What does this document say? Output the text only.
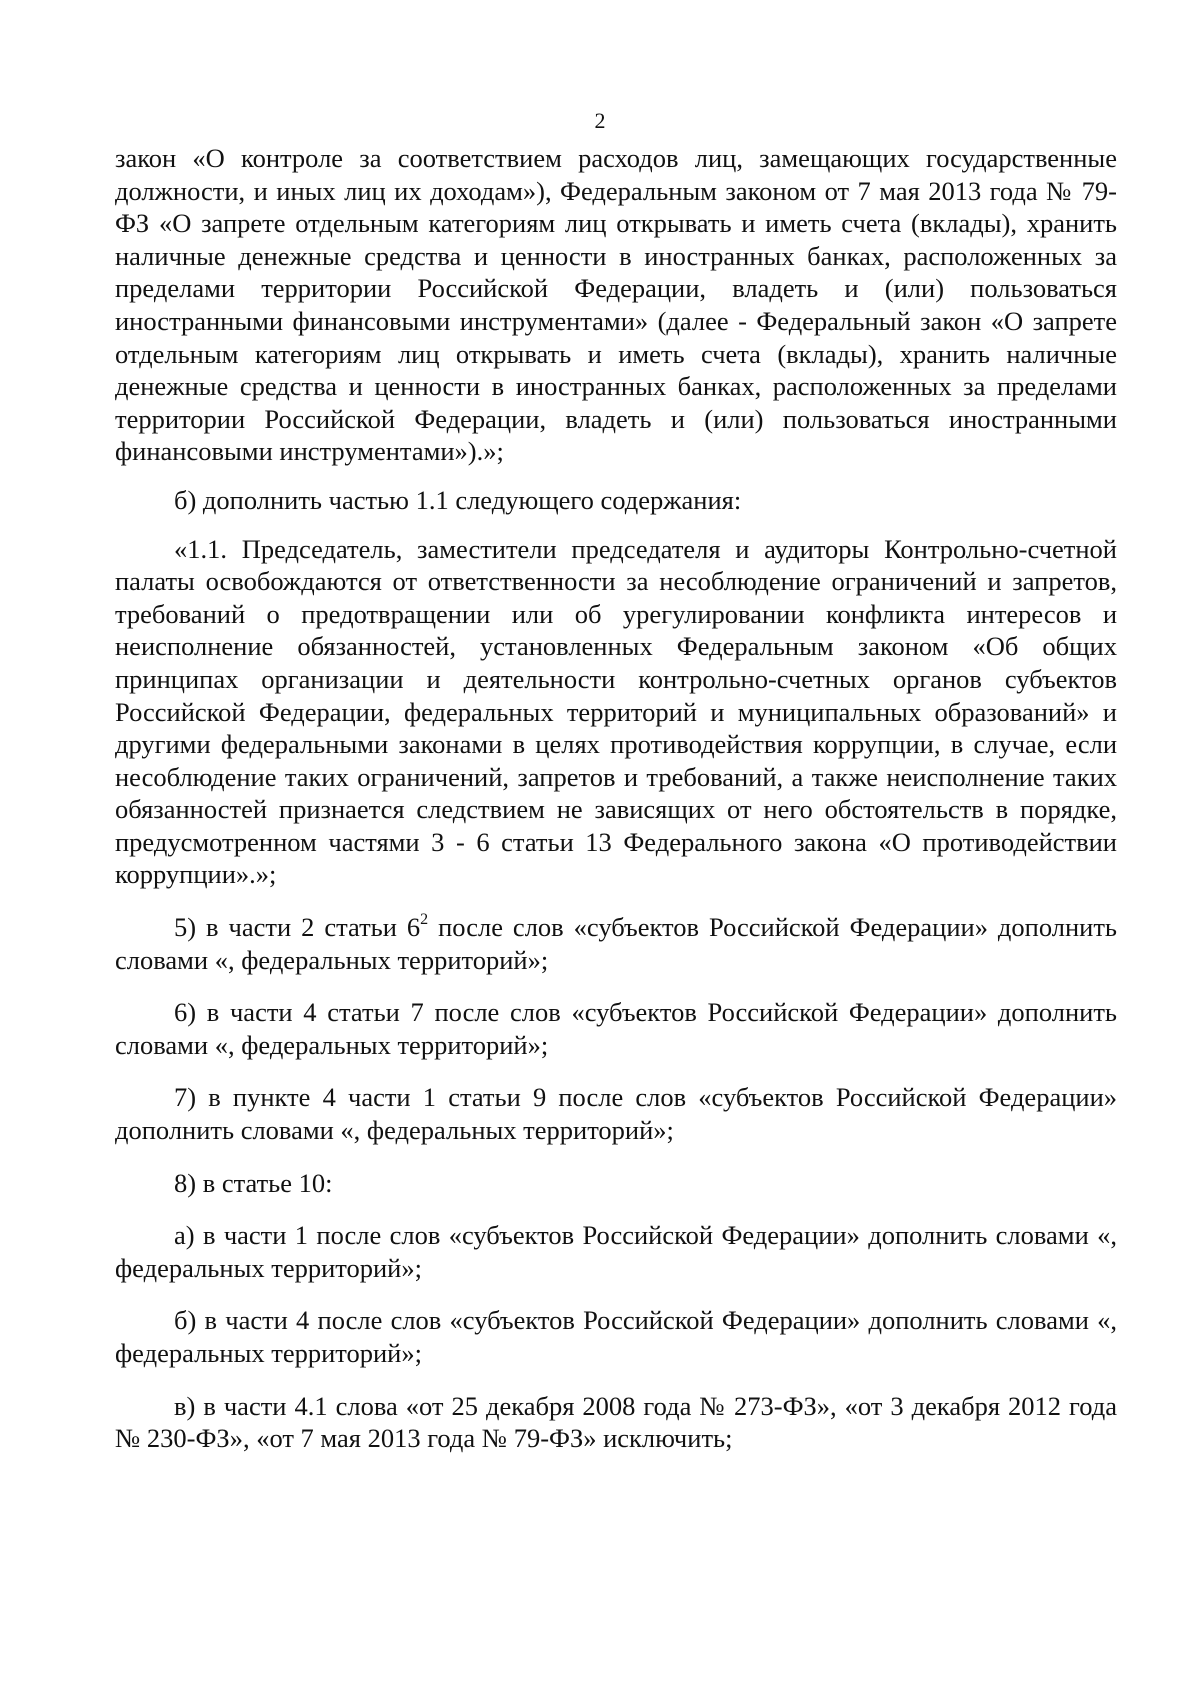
2

закон «О контроле за соответствием расходов лиц, замещающих государственные должности, и иных лиц их доходам»), Федеральным законом от 7 мая 2013 года № 79-ФЗ «О запрете отдельным категориям лиц открывать и иметь счета (вклады), хранить наличные денежные средства и ценности в иностранных банках, расположенных за пределами территории Российской Федерации, владеть и (или) пользоваться иностранными финансовыми инструментами» (далее - Федеральный закон «О запрете отдельным категориям лиц открывать и иметь счета (вклады), хранить наличные денежные средства и ценности в иностранных банках, расположенных за пределами территории Российской Федерации, владеть и (или) пользоваться иностранными финансовыми инструментами»).»;

б) дополнить частью 1.1 следующего содержания:

«1.1. Председатель, заместители председателя и аудиторы Контрольно-счетной палаты освобождаются от ответственности за несоблюдение ограничений и запретов, требований о предотвращении или об урегулировании конфликта интересов и неисполнение обязанностей, установленных Федеральным законом «Об общих принципах организации и деятельности контрольно-счетных органов субъектов Российской Федерации, федеральных территорий и муниципальных образований» и другими федеральными законами в целях противодействия коррупции, в случае, если несоблюдение таких ограничений, запретов и требований, а также неисполнение таких обязанностей признается следствием не зависящих от него обстоятельств в порядке, предусмотренном частями 3 - 6 статьи 13 Федерального закона «О противодействии коррупции».»;

5) в части 2 статьи $6^2$ после слов «субъектов Российской Федерации» дополнить словами «, федеральных территорий»;

6) в части 4 статьи 7 после слов «субъектов Российской Федерации» дополнить словами «, федеральных территорий»;

7) в пункте 4 части 1 статьи 9 после слов «субъектов Российской Федерации» дополнить словами «, федеральных территорий»;

8) в статье 10:

а) в части 1 после слов «субъектов Российской Федерации» дополнить словами «, федеральных территорий»;

б) в части 4 после слов «субъектов Российской Федерации» дополнить словами «, федеральных территорий»;

в) в части 4.1 слова «от 25 декабря 2008 года № 273-ФЗ», «от 3 декабря 2012 года № 230-ФЗ», «от 7 мая 2013 года № 79-ФЗ» исключить;
